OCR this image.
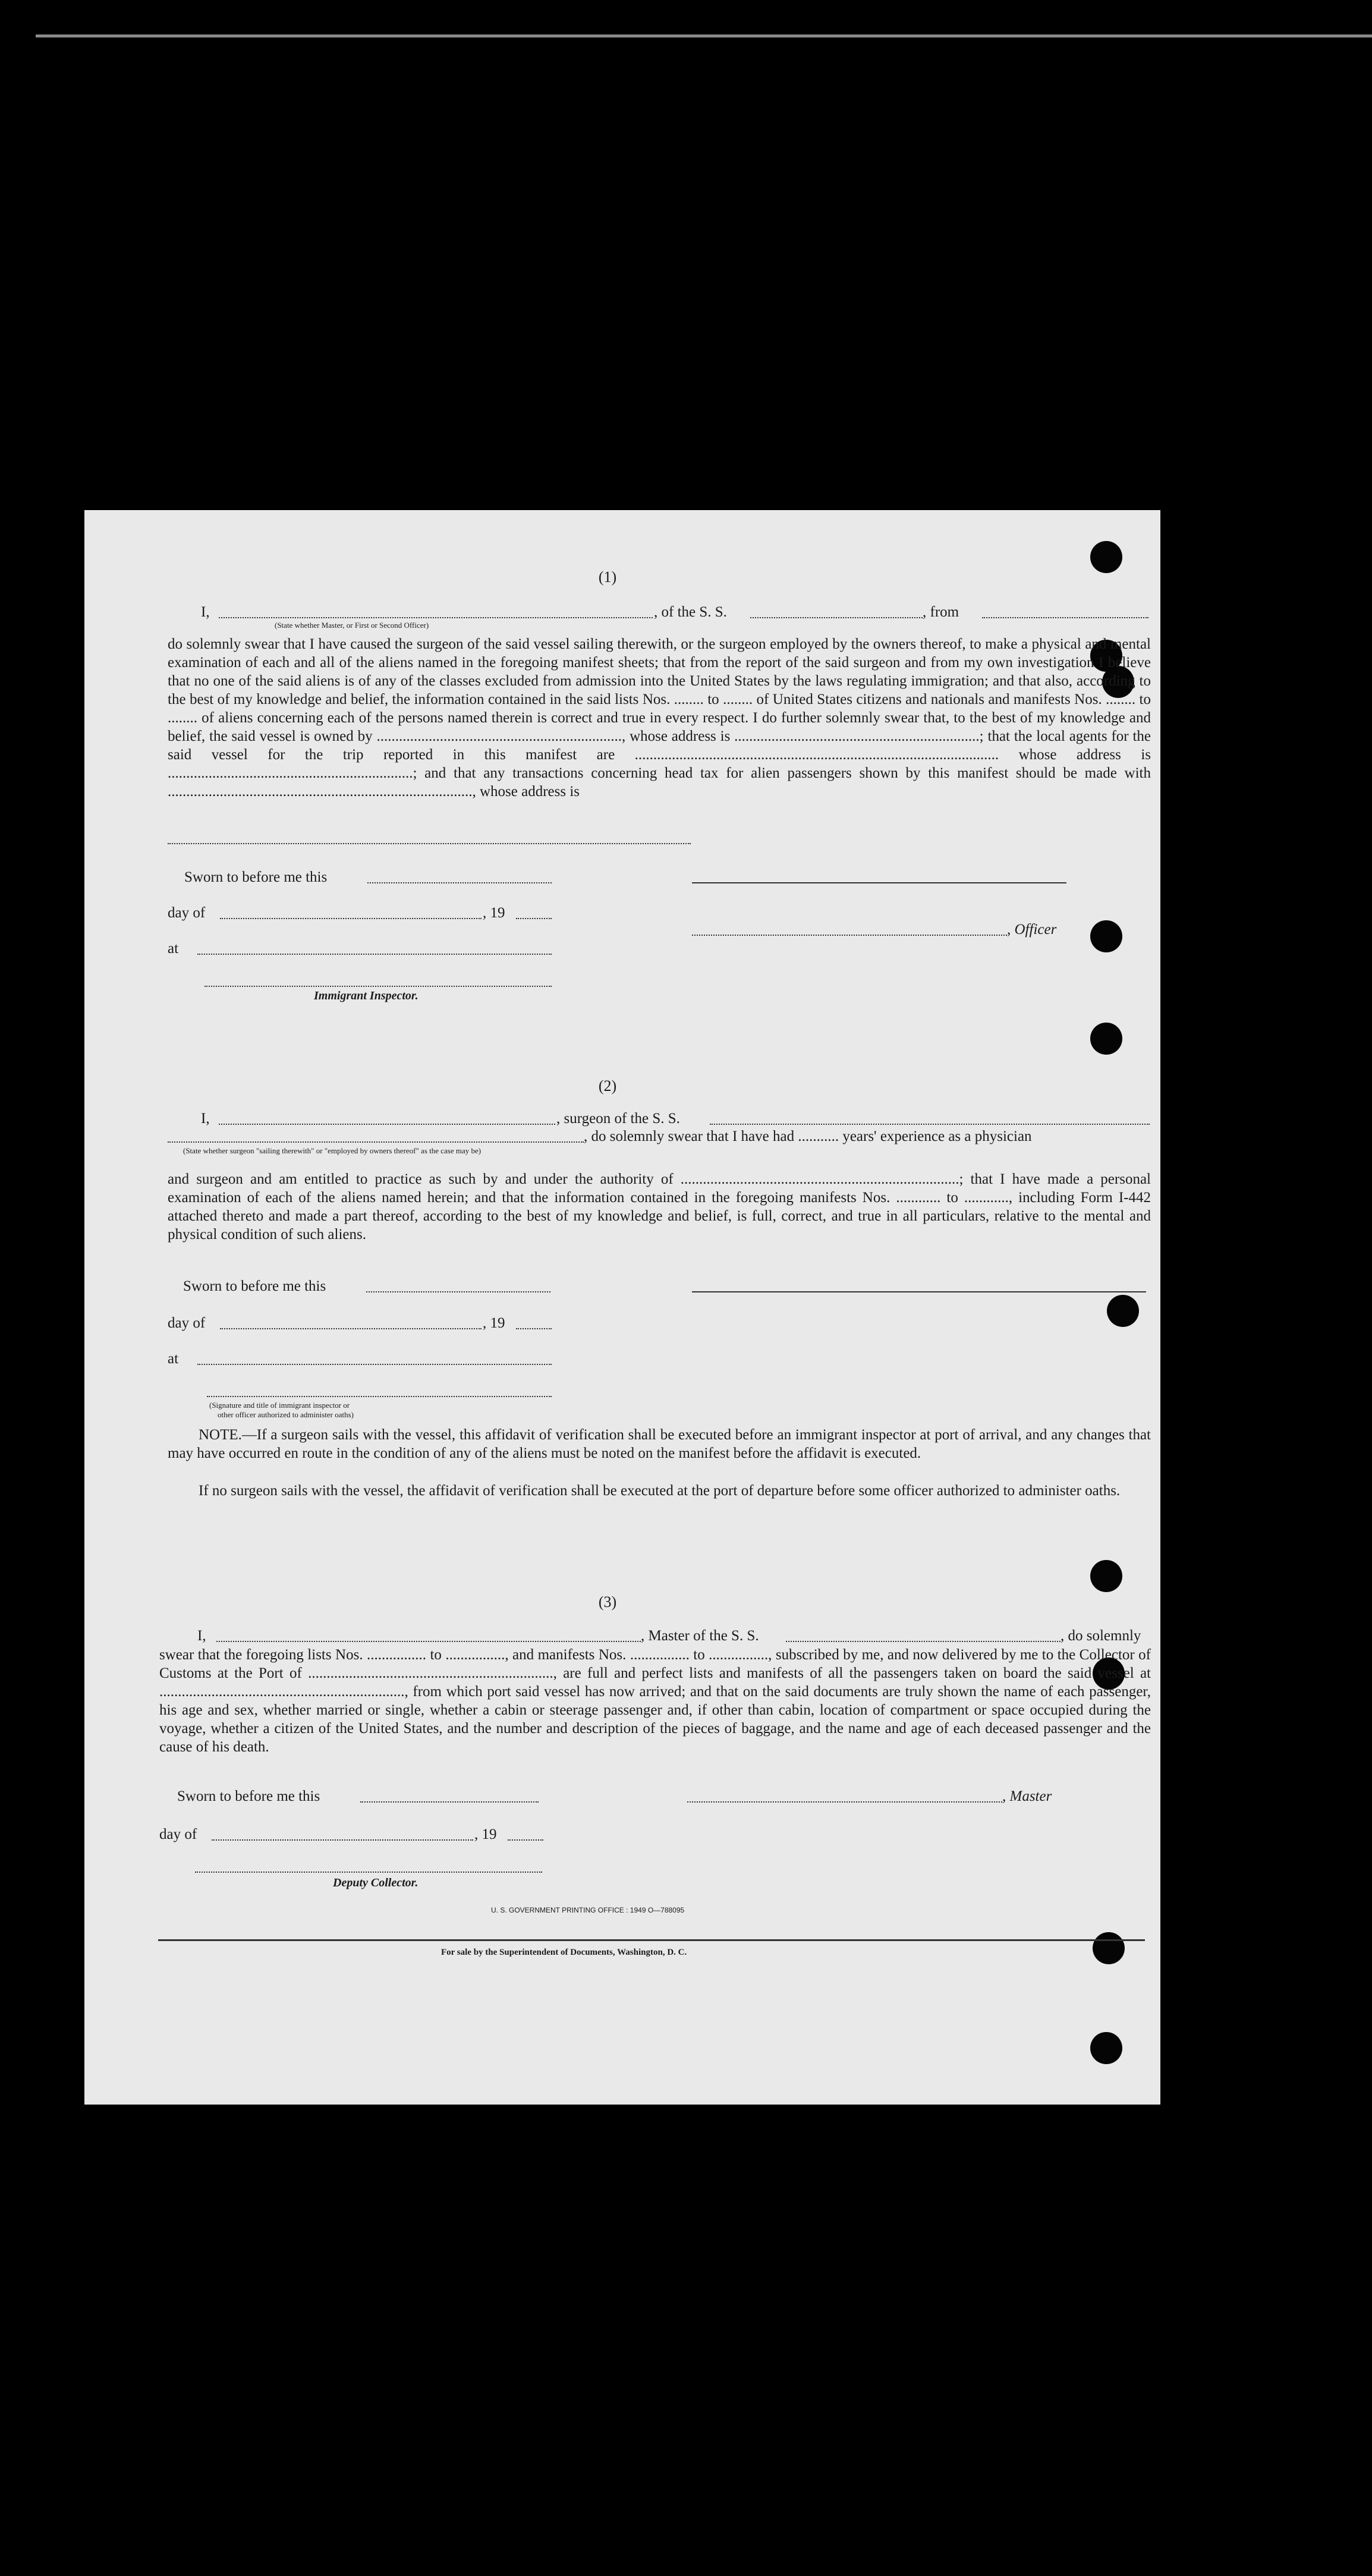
(1)
I,	, of the S. S.	, from
(State whether Master, or First or Second Officer)
do solemnly swear that I have caused the surgeon of the said vessel sailing therewith, or the surgeon employed by the owners thereof, to make a physical and mental examination of each and all of the aliens named in the foregoing manifest sheets; that from the report of the said surgeon and from my own investigation I believe that no one of the said aliens is of any of the classes excluded from admission into the United States by the laws regulating immigration; and that also, according to the best of my knowledge and belief, the information contained in the said lists Nos. ........ to ........ of United States citizens and nationals and manifests Nos. ........ to ........ of aliens concerning each of the persons named therein is correct and true in every respect. I do further solemnly swear that, to the best of my knowledge and belief, the said vessel is owned by .................................................................., whose address is ..................................................................; that the local agents for the said vessel for the trip reported in this manifest are .................................................................................................. whose address is ..................................................................; and that any transactions concerning head tax for alien passengers shown by this manifest should be made with .................................................................................., whose address is
Sworn to before me this
day of	, 19
, Officer
at
Immigrant Inspector.
(2)
I,	, surgeon of the S. S.
, do solemnly swear that I have had ........... years' experience as a physician
(State whether surgeon "sailing therewith" or "employed by owners thereof" as the case may be)
and surgeon and am entitled to practice as such by and under the authority of ...........................................................................; that I have made a personal examination of each of the aliens named herein; and that the information contained in the foregoing manifests Nos. ............ to ............, including Form I-442 attached thereto and made a part thereof, according to the best of my knowledge and belief, is full, correct, and true in all particulars, relative to the mental and physical condition of such aliens.
Sworn to before me this
day of	, 19
at
(Signature and title of immigrant inspector or
other officer authorized to administer oaths)
NOTE.—If a surgeon sails with the vessel, this affidavit of verification shall be executed before an immigrant inspector at port of arrival, and any changes that may have occurred en route in the condition of any of the aliens must be noted on the manifest before the affidavit is executed.
If no surgeon sails with the vessel, the affidavit of verification shall be executed at the port of departure before some officer authorized to administer oaths.
(3)
I,	, Master of the S. S.	, do solemnly
swear that the foregoing lists Nos. ................ to ................, and manifests Nos. ................ to ................, subscribed by me, and now delivered by me to the Collector of Customs at the Port of .................................................................., are full and perfect lists and manifests of all the passengers taken on board the said vessel at .................................................................., from which port said vessel has now arrived; and that on the said documents are truly shown the name of each passenger, his age and sex, whether married or single, whether a cabin or steerage passenger and, if other than cabin, location of compartment or space occupied during the voyage, whether a citizen of the United States, and the number and description of the pieces of baggage, and the name and age of each deceased passenger and the cause of his death.
Sworn to before me this	, Master
day of	, 19
Deputy Collector.
U. S. GOVERNMENT PRINTING OFFICE : 1949 O—788095
For sale by the Superintendent of Documents, Washington, D. C.
